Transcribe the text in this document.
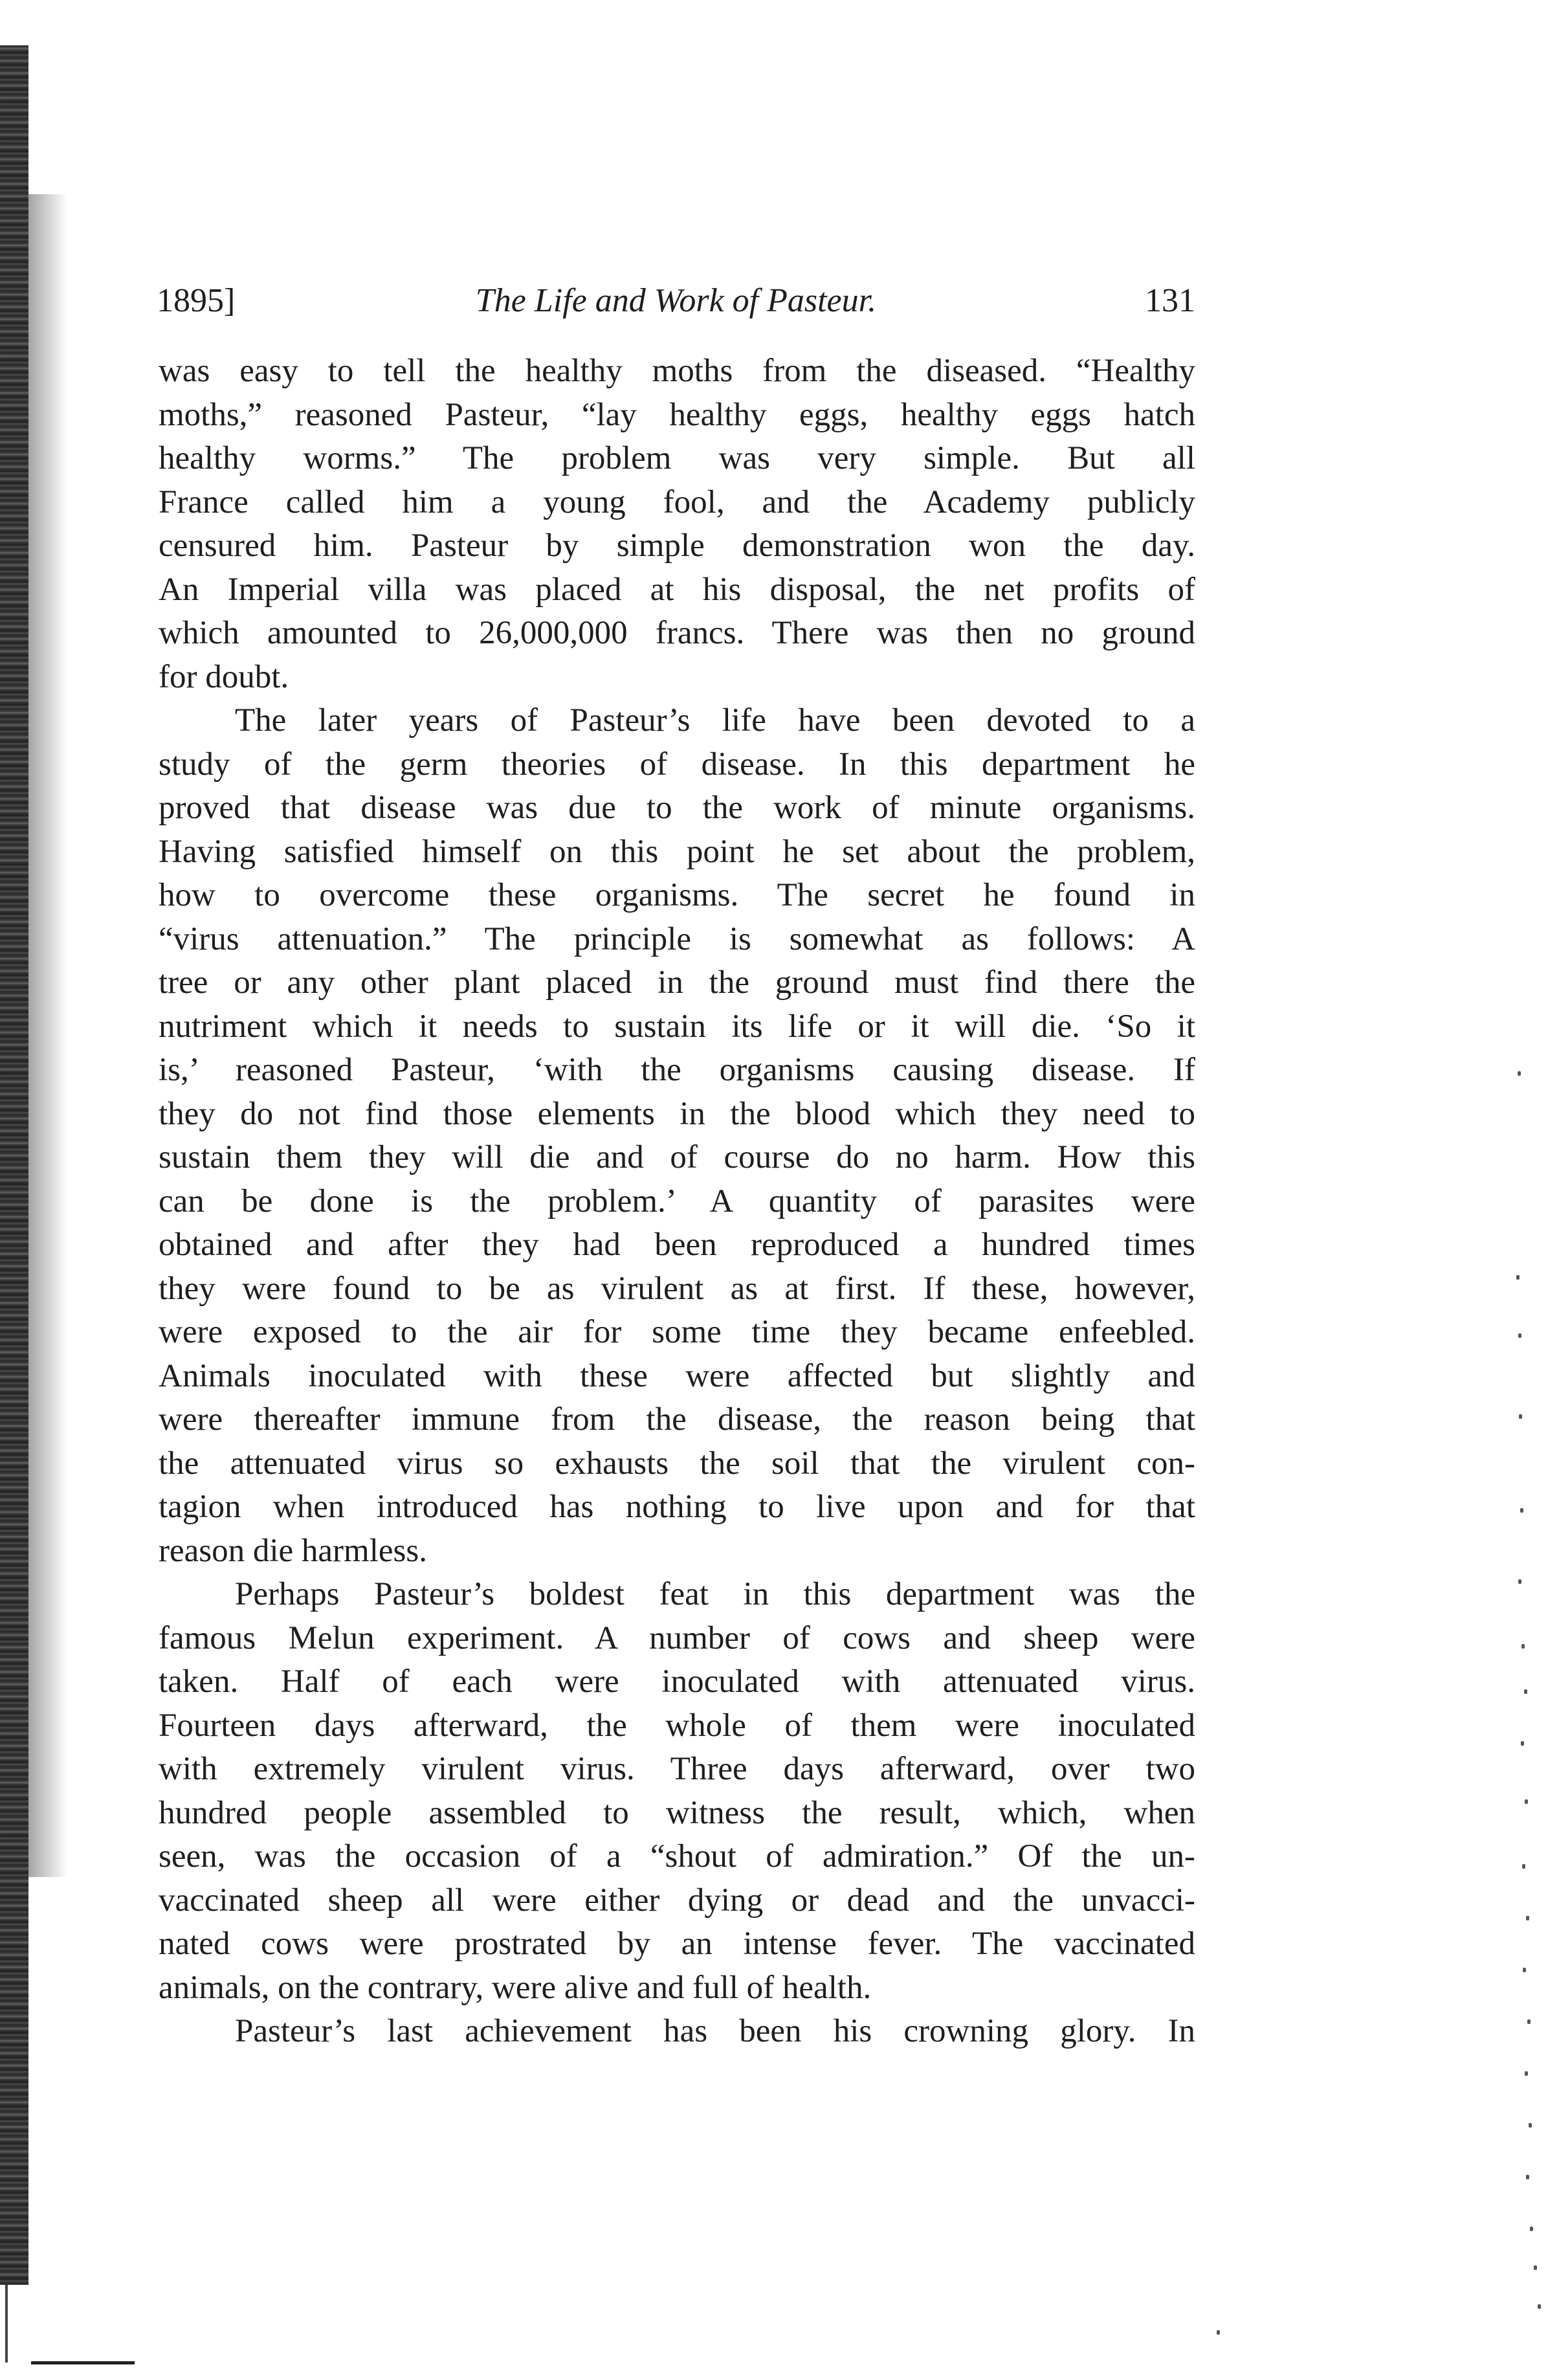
1895]	The Life and Work of Pasteur.	131
was easy to tell the healthy moths from the diseased. “Healthy
moths,” reasoned Pasteur, “lay healthy eggs, healthy eggs hatch
healthy worms.” The problem was very simple. But all
France called him a young fool, and the Academy publicly
censured him. Pasteur by simple demonstration won the day.
An Imperial villa was placed at his disposal, the net profits of
which amounted to 26,000,000 francs. There was then no ground
for doubt.
The later years of Pasteur’s life have been devoted to a
study of the germ theories of disease. In this department he
proved that disease was due to the work of minute organisms.
Having satisfied himself on this point he set about the problem,
how to overcome these organisms. The secret he found in
“virus attenuation.” The principle is somewhat as follows: A
tree or any other plant placed in the ground must find there the
nutriment which it needs to sustain its life or it will die. ‘So it
is,’ reasoned Pasteur, ‘with the organisms causing disease. If
they do not find those elements in the blood which they need to
sustain them they will die and of course do no harm. How this
can be done is the problem.’ A quantity of parasites were
obtained and after they had been reproduced a hundred times
they were found to be as virulent as at first. If these, however,
were exposed to the air for some time they became enfeebled.
Animals inoculated with these were affected but slightly and
were thereafter immune from the disease, the reason being that
the attenuated virus so exhausts the soil that the virulent con-
tagion when introduced has nothing to live upon and for that
reason die harmless.
Perhaps Pasteur’s boldest feat in this department was the
famous Melun experiment. A number of cows and sheep were
taken. Half of each were inoculated with attenuated virus.
Fourteen days afterward, the whole of them were inoculated
with extremely virulent virus. Three days afterward, over two
hundred people assembled to witness the result, which, when
seen, was the occasion of a “shout of admiration.” Of the un-
vaccinated sheep all were either dying or dead and the unvacci-
nated cows were prostrated by an intense fever. The vaccinated
animals, on the contrary, were alive and full of health.
Pasteur’s last achievement has been his crowning glory. In
